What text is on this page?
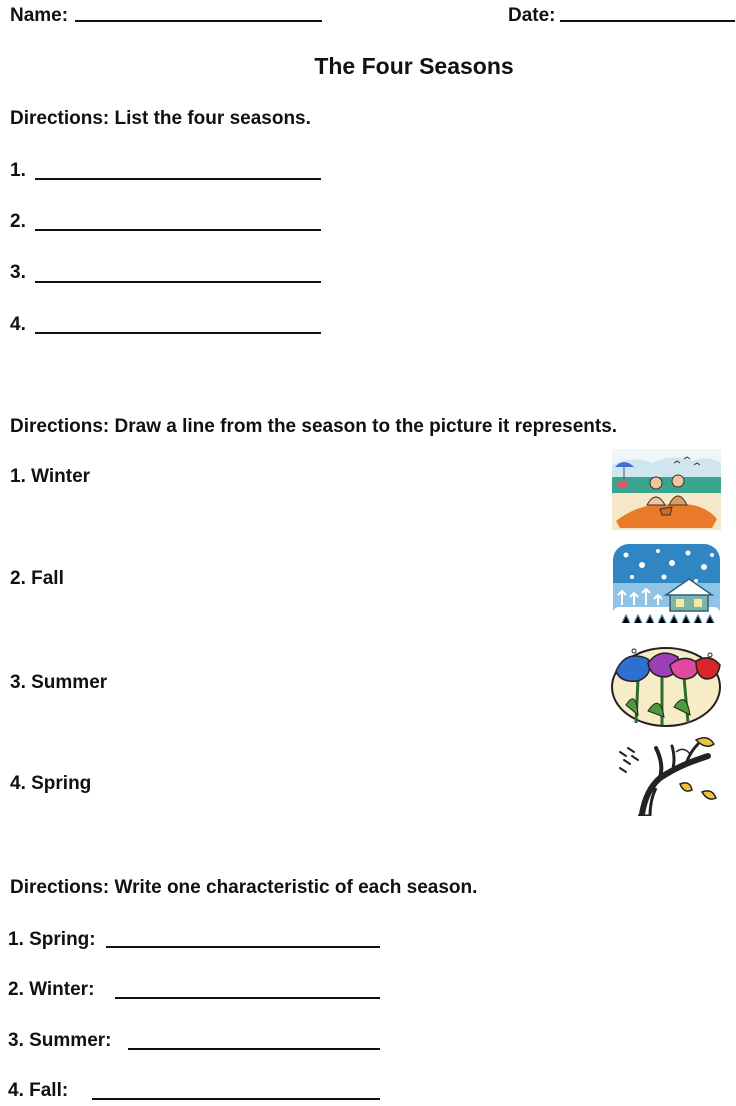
Name:	Date:
The Four Seasons
Directions: List the four seasons.
1.
2.
3.
4.
Directions: Draw a line from the season to the picture it represents.
1. Winter
2. Fall
3. Summer
4. Spring
Directions: Write one characteristic of each season.
1. Spring:
2. Winter:
3. Summer:
4. Fall:
